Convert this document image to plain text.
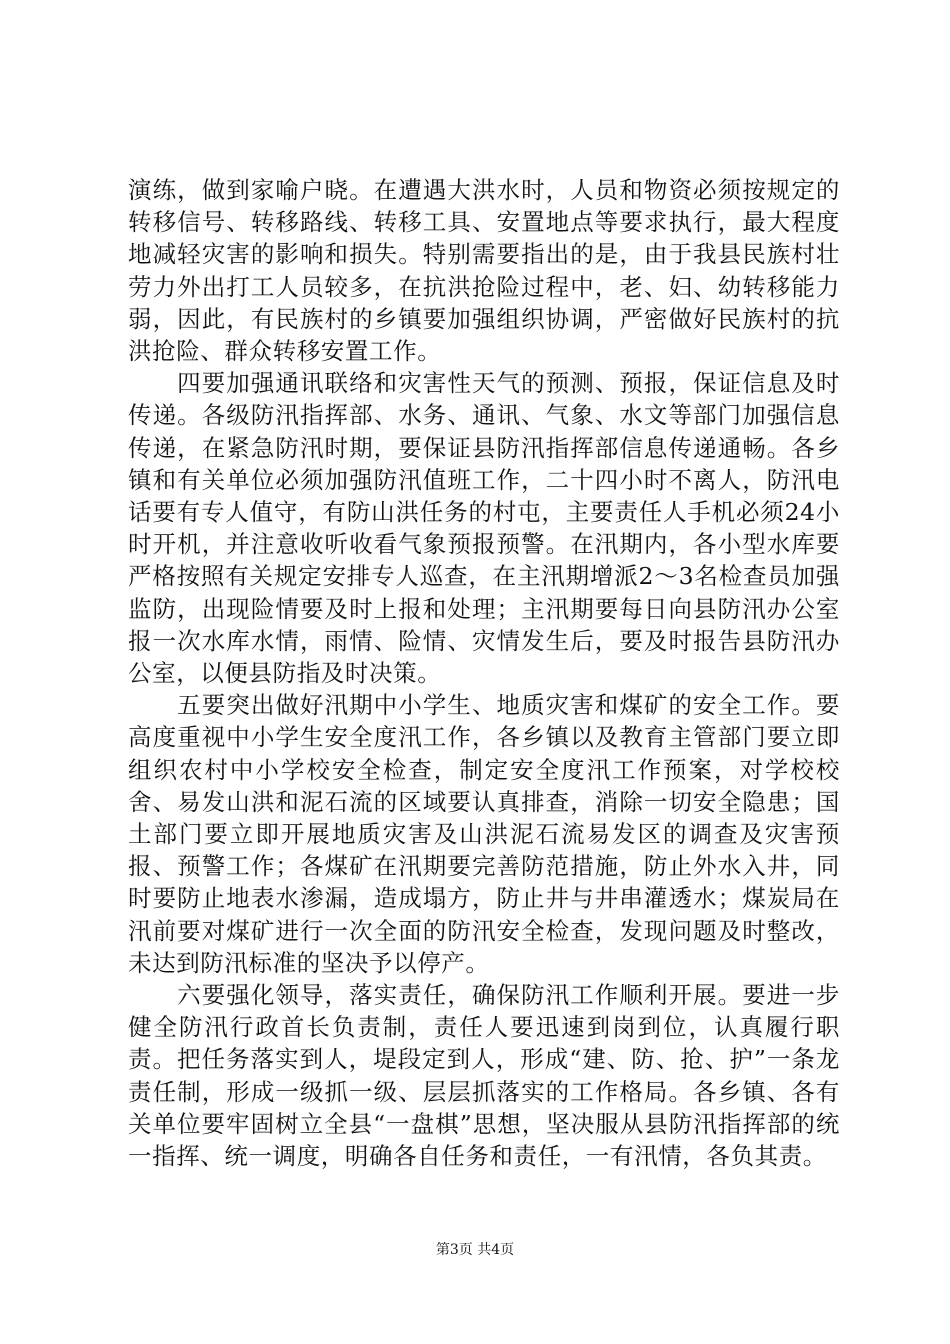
演练，做到家喻户晓。在遭遇大洪水时，人员和物资必须按规定的转移信号、转移路线、转移工具、安置地点等要求执行，最大程度地减轻灾害的影响和损失。特别需要指出的是，由于我县民族村壮劳力外出打工人员较多，在抗洪抢险过程中，老、妇、幼转移能力弱，因此，有民族村的乡镇要加强组织协调，严密做好民族村的抗洪抢险、群众转移安置工作。

　　四要加强通讯联络和灾害性天气的预测、预报，保证信息及时传递。各级防汛指挥部、水务、通讯、气象、水文等部门加强信息传递，在紧急防汛时期，要保证县防汛指挥部信息传递通畅。各乡镇和有关单位必须加强防汛值班工作，二十四小时不离人，防汛电话要有专人值守，有防山洪任务的村屯，主要责任人手机必须24小时开机，并注意收听收看气象预报预警。在汛期内，各小型水库要严格按照有关规定安排专人巡查，在主汛期增派2～3名检查员加强监防，出现险情要及时上报和处理；主汛期要每日向县防汛办公室报一次水库水情，雨情、险情、灾情发生后，要及时报告县防汛办公室，以便县防指及时决策。

　　五要突出做好汛期中小学生、地质灾害和煤矿的安全工作。要高度重视中小学生安全度汛工作，各乡镇以及教育主管部门要立即组织农村中小学校安全检查，制定安全度汛工作预案，对学校校舍、易发山洪和泥石流的区域要认真排查，消除一切安全隐患；国土部门要立即开展地质灾害及山洪泥石流易发区的调查及灾害预报、预警工作；各煤矿在汛期要完善防范措施，防止外水入井，同时要防止地表水渗漏，造成塌方，防止井与井串灌透水；煤炭局在汛前要对煤矿进行一次全面的防汛安全检查，发现问题及时整改，未达到防汛标准的坚决予以停产。

　　六要强化领导，落实责任，确保防汛工作顺利开展。要进一步健全防汛行政首长负责制，责任人要迅速到岗到位，认真履行职责。把任务落实到人，堤段定到人，形成“建、防、抢、护”一条龙责任制，形成一级抓一级、层层抓落实的工作格局。各乡镇、各有关单位要牢固树立全县“一盘棋”思想，坚决服从县防汛指挥部的统一指挥、统一调度，明确各自任务和责任，一有汛情，各负其责。

第3页 共4页
